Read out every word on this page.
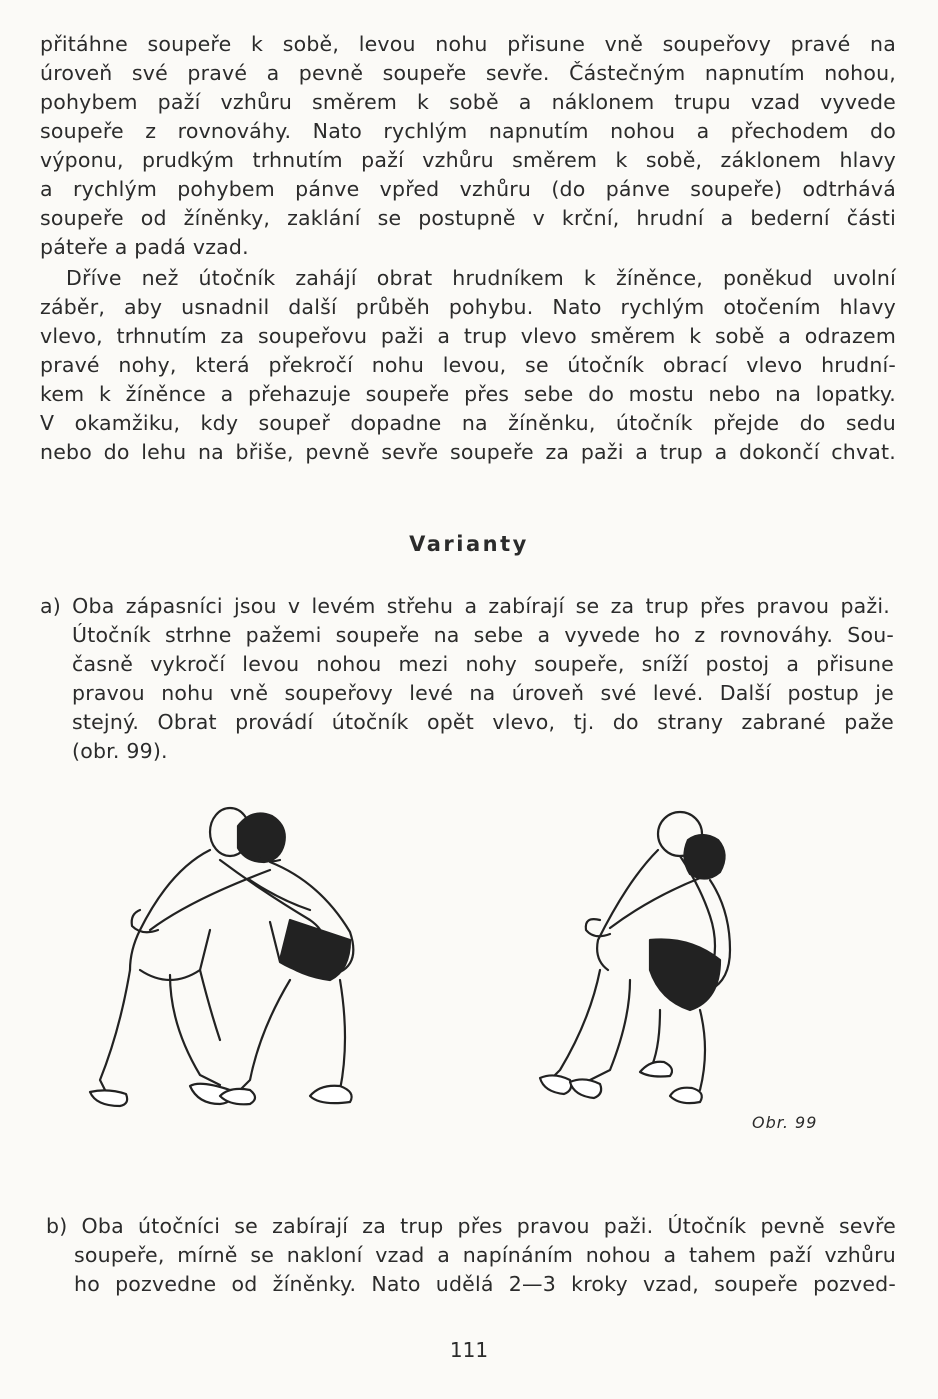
přitáhne soupeře k sobě, levou nohu přisune vně soupeřovy pravé na
úroveň své pravé a pevně soupeře sevře. Částečným napnutím nohou,
pohybem paží vzhůru směrem k sobě a náklonem trupu vzad vyvede
soupeře z rovnováhy. Nato rychlým napnutím nohou a přechodem do
výponu, prudkým trhnutím paží vzhůru směrem k sobě, záklonem hlavy
a rychlým pohybem pánve vpřed vzhůru (do pánve soupeře) odtrhává
soupeře od žíněnky, zaklání se postupně v krční, hrudní a bederní části
páteře a padá vzad.
Dříve než útočník zahájí obrat hrudníkem k žíněnce, poněkud uvolní
záběr, aby usnadnil další průběh pohybu. Nato rychlým otočením hlavy
vlevo, trhnutím za soupeřovu paži a trup vlevo směrem k sobě a odrazem
pravé nohy, která překročí nohu levou, se útočník obrací vlevo hrudní-
kem k žíněnce a přehazuje soupeře přes sebe do mostu nebo na lopatky.
V okamžiku, kdy soupeř dopadne na žíněnku, útočník přejde do sedu
nebo do lehu na břiše, pevně sevře soupeře za paži a trup a dokončí chvat.
Varianty
a) Oba zápasníci jsou v levém střehu a zabírají se za trup přes pravou paži.
Útočník strhne pažemi soupeře na sebe a vyvede ho z rovnováhy. Sou-
časně vykročí levou nohou mezi nohy soupeře, sníží postoj a přisune
pravou nohu vně soupeřovy levé na úroveň své levé. Další postup je
stejný. Obrat provádí útočník opět vlevo, tj. do strany zabrané paže
(obr. 99).
Obr. 99
b) Oba útočníci se zabírají za trup přes pravou paži. Útočník pevně sevře
soupeře, mírně se nakloní vzad a napínáním nohou a tahem paží vzhůru
ho pozvedne od žíněnky. Nato udělá 2—3 kroky vzad, soupeře pozved-
111
